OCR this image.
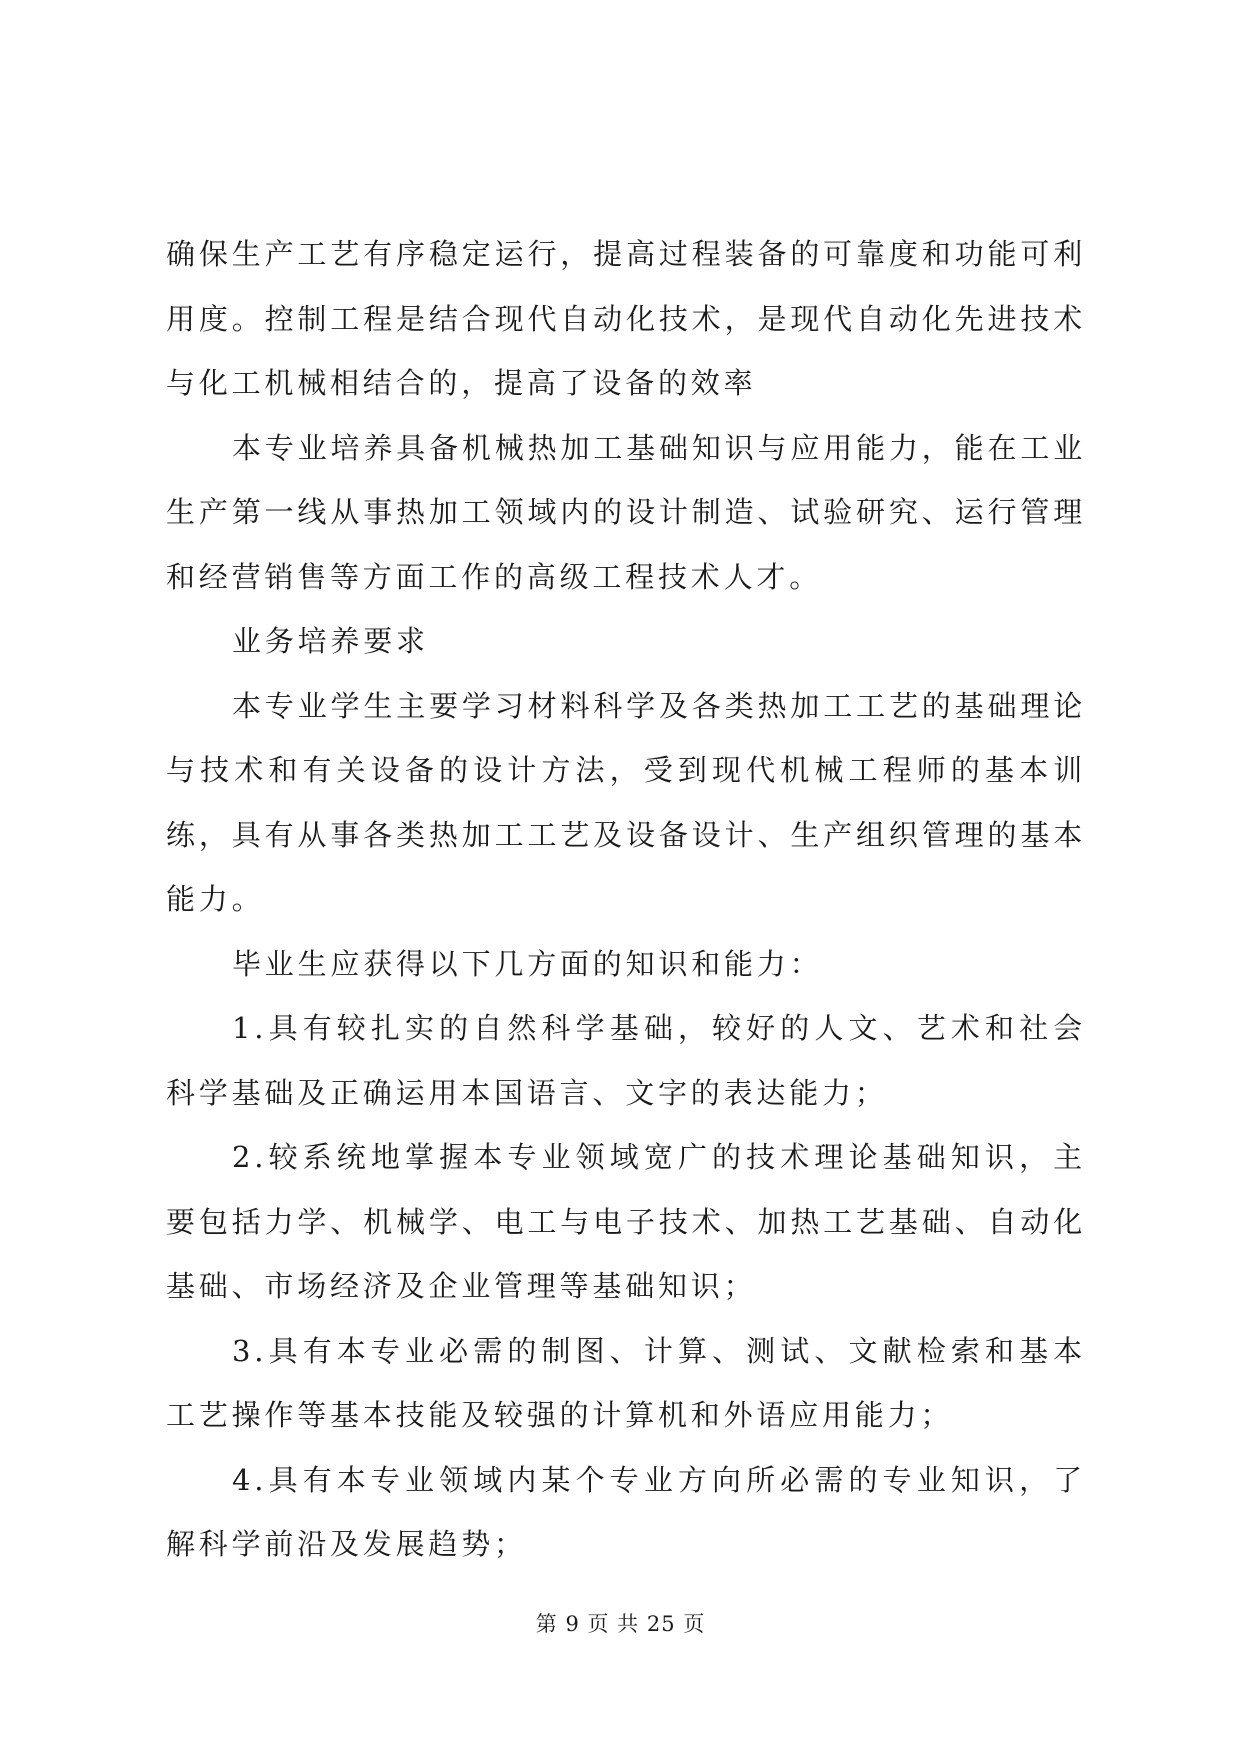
确保生产工艺有序稳定运行，提高过程装备的可靠度和功能可利用度。控制工程是结合现代自动化技术，是现代自动化先进技术与化工机械相结合的，提高了设备的效率

本专业培养具备机械热加工基础知识与应用能力，能在工业生产第一线从事热加工领域内的设计制造、试验研究、运行管理和经营销售等方面工作的高级工程技术人才。

业务培养要求

本专业学生主要学习材料科学及各类热加工工艺的基础理论与技术和有关设备的设计方法，受到现代机械工程师的基本训练，具有从事各类热加工工艺及设备设计、生产组织管理的基本能力。

毕业生应获得以下几方面的知识和能力：

1.具有较扎实的自然科学基础，较好的人文、艺术和社会科学基础及正确运用本国语言、文字的表达能力；

2.较系统地掌握本专业领域宽广的技术理论基础知识，主要包括力学、机械学、电工与电子技术、加热工艺基础、自动化基础、市场经济及企业管理等基础知识；

3.具有本专业必需的制图、计算、测试、文献检索和基本工艺操作等基本技能及较强的计算机和外语应用能力；

4.具有本专业领域内某个专业方向所必需的专业知识，了解科学前沿及发展趋势；

第 9 页 共 25 页
